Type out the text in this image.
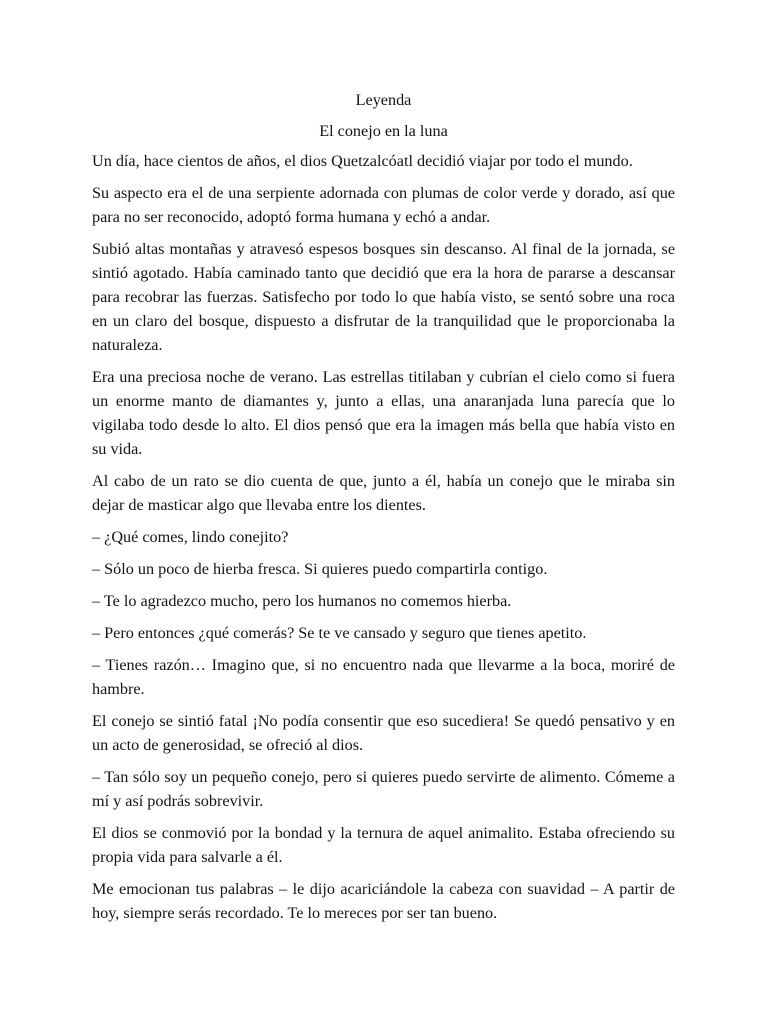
Leyenda

El conejo en la luna

Un día, hace cientos de años, el dios Quetzalcóatl decidió viajar por todo el mundo.

Su aspecto era el de una serpiente adornada con plumas de color verde y dorado, así que para no ser reconocido, adoptó forma humana y echó a andar.

Subió altas montañas y atravesó espesos bosques sin descanso. Al final de la jornada, se sintió agotado. Había caminado tanto que decidió que era la hora de pararse a descansar para recobrar las fuerzas. Satisfecho por todo lo que había visto, se sentó sobre una roca en un claro del bosque, dispuesto a disfrutar de la tranquilidad que le proporcionaba la naturaleza.

Era una preciosa noche de verano. Las estrellas titilaban y cubrían el cielo como si fuera un enorme manto de diamantes y, junto a ellas, una anaranjada luna parecía que lo vigilaba todo desde lo alto. El dios pensó que era la imagen más bella que había visto en su vida.

Al cabo de un rato se dio cuenta de que, junto a él, había un conejo que le miraba sin dejar de masticar algo que llevaba entre los dientes.

– ¿Qué comes, lindo conejito?

– Sólo un poco de hierba fresca. Si quieres puedo compartirla contigo.

– Te lo agradezco mucho, pero los humanos no comemos hierba.

– Pero entonces ¿qué comerás? Se te ve cansado y seguro que tienes apetito.

– Tienes razón… Imagino que, si no encuentro nada que llevarme a la boca, moriré de hambre.

El conejo se sintió fatal ¡No podía consentir que eso sucediera! Se quedó pensativo y en un acto de generosidad, se ofreció al dios.

– Tan sólo soy un pequeño conejo, pero si quieres puedo servirte de alimento. Cómeme a mí y así podrás sobrevivir.

El dios se conmovió por la bondad y la ternura de aquel animalito. Estaba ofreciendo su propia vida para salvarle a él.

Me emocionan tus palabras – le dijo acariciándole la cabeza con suavidad – A partir de hoy, siempre serás recordado. Te lo mereces por ser tan bueno.
